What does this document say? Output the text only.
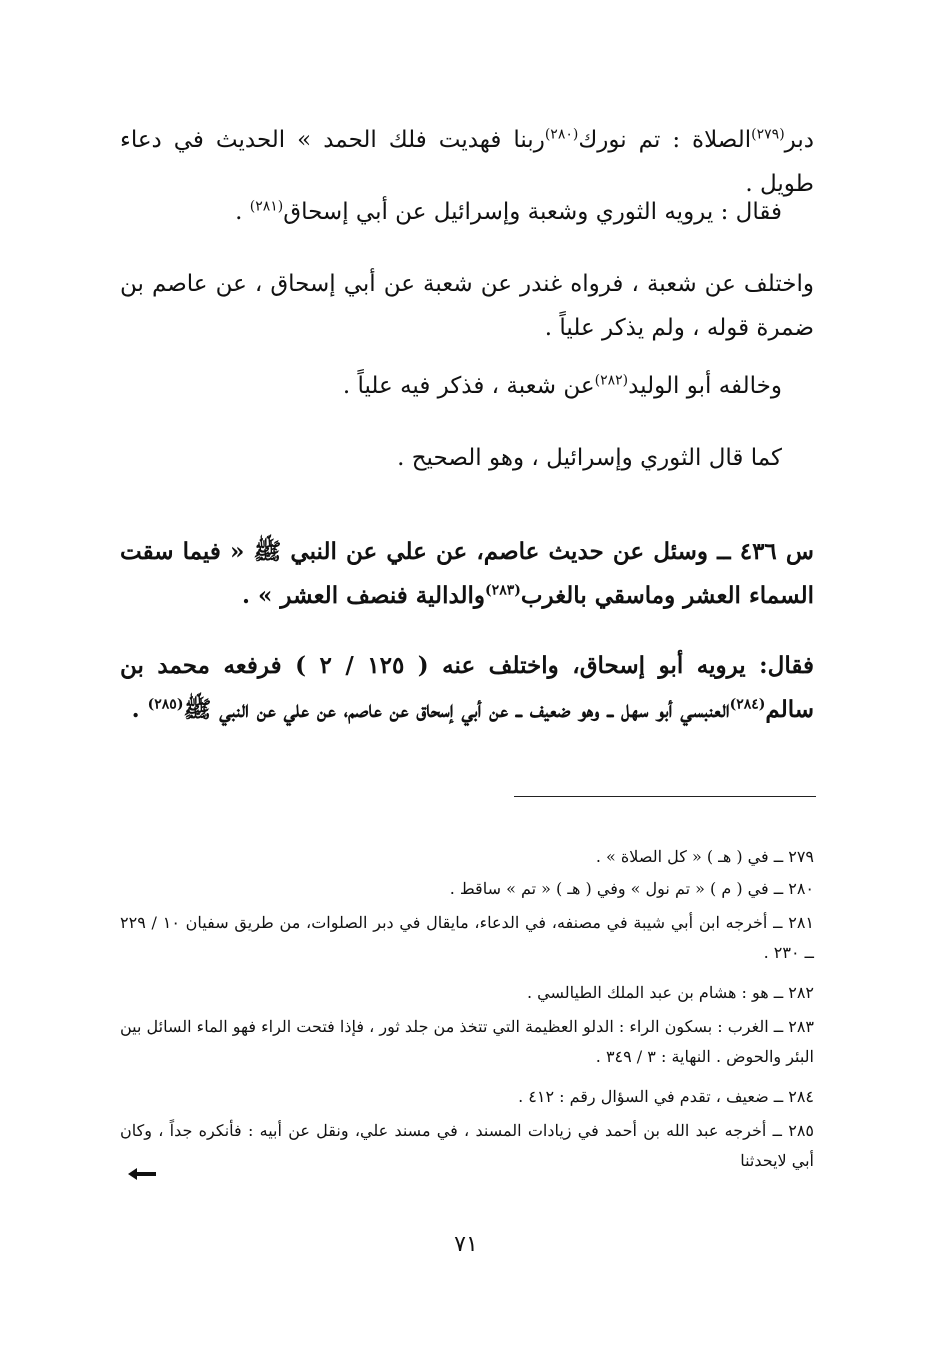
دبر$^{(٢٧٩)}$الصلاة : تم نورك$^{(٢٨٠)}$ربنا فهديت فلك الحمد » الحديث في دعاء طويل .

فقال : يرويه الثوري وشعبة وإسرائيل عن أبي إسحاق$^{(٢٨١)}$ .

واختلف عن شعبة ، فرواه غندر عن شعبة عن أبي إسحاق ، عن عاصم بن ضمرة قوله ، ولم يذكر علياً .

وخالفه أبو الوليد$^{(٢٨٢)}$عن شعبة ، فذكر فيه علياً .

كما قال الثوري وإسرائيل ، وهو الصحيح .

س ٤٣٦ ــ وسئل عن حديث عاصم، عن علي عن النبي ﷺ « فيما سقت السماء العشر وماسقي بالغرب$^{(٢٨٣)}$والدالية فنصف العشر » .

فقال: يرويه أبو إسحاق، واختلف عنه ( ١٢٥ / ٢ ) فرفعه محمد بن سالم$^{(٢٨٤)}$العنبسي أبو سهل ــ وهو ضعيف ــ عن أبي إسحاق عن عاصم، عن علي عن النبي ﷺ$^{(٢٨٥)}$ .

٢٧٩ ــ في ( هـ ) « كل الصلاة » .

٢٨٠ ــ في ( م ) « تم نول » وفي ( هـ ) « تم » ساقط .

٢٨١ ــ أخرجه ابن أبي شيبة في مصنفه، في الدعاء، مايقال في دبر الصلوات، من طريق سفيان ١٠ / ٢٢٩ ــ ٢٣٠ .

٢٨٢ ــ هو : هشام بن عبد الملك الطيالسي .

٢٨٣ ــ الغرب : بسكون الراء : الدلو العظيمة التي تتخذ من جلد ثور ، فإذا فتحت الراء فهو الماء السائل بين البئر والحوض . النهاية : ٣ / ٣٤٩ .

٢٨٤ ــ ضعيف ، تقدم في السؤال رقم : ٤١٢ .

٢٨٥ ــ أخرجه عبد الله بن أحمد في زيادات المسند ، في مسند علي، ونقل عن أبيه : فأنكره جداً ، وكان أبي لايحدثنا

٧١
